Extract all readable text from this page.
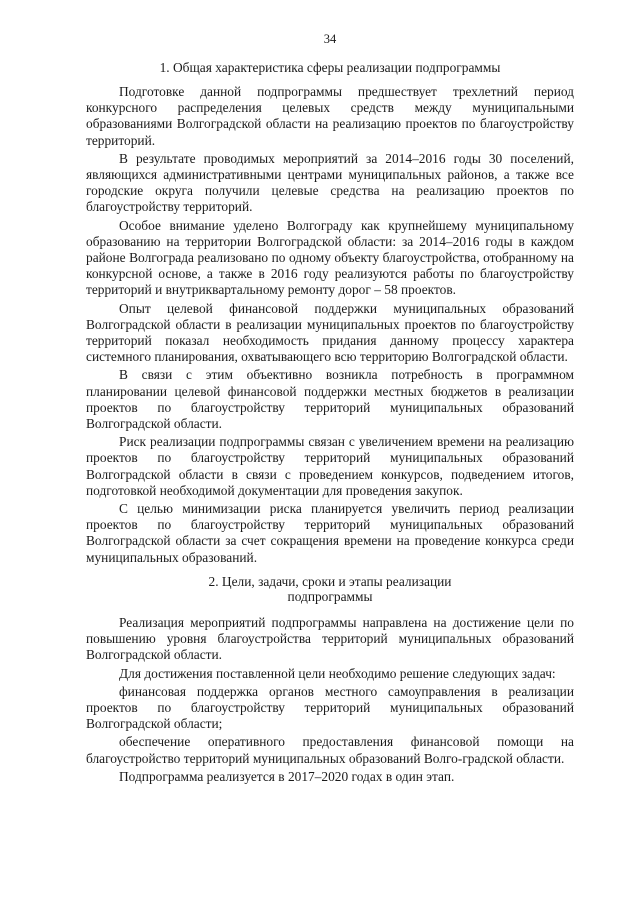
34
1. Общая характеристика сферы реализации подпрограммы

Подготовке данной подпрограммы предшествует трехлетний период конкурсного распределения целевых средств между муниципальными образованиями Волгоградской области на реализацию проектов по благоустройству территорий.

В результате проводимых мероприятий за 2014–2016 годы 30 поселений, являющихся административными центрами муниципальных районов, а также все городские округа получили целевые средства на реализацию проектов по благоустройству территорий.

Особое внимание уделено Волгограду как крупнейшему муниципальному образованию на территории Волгоградской области: за 2014–2016 годы в каждом районе Волгограда реализовано по одному объекту благоустройства, отобранному на конкурсной основе, а также в 2016 году реализуются работы по благоустройству территорий и внутриквартальному ремонту дорог – 58 проектов.

Опыт целевой финансовой поддержки муниципальных образований Волгоградской области в реализации муниципальных проектов по благоустройству территорий показал необходимость придания данному процессу характера системного планирования, охватывающего всю территорию Волгоградской области.

В связи с этим объективно возникла потребность в программном планировании целевой финансовой поддержки местных бюджетов в реализации проектов по благоустройству территорий муниципальных образований Волгоградской области.

Риск реализации подпрограммы связан с увеличением времени на реализацию проектов по благоустройству территорий муниципальных образований Волгоградской области в связи с проведением конкурсов, подведением итогов, подготовкой необходимой документации для проведения закупок.

С целью минимизации риска планируется увеличить период реализации проектов по благоустройству территорий муниципальных образований Волгоградской области за счет сокращения времени на проведение конкурса среди муниципальных образований.

2. Цели, задачи, сроки и этапы реализации
подпрограммы

Реализация мероприятий подпрограммы направлена на достижение цели по повышению уровня благоустройства территорий муниципальных образований Волгоградской области.

Для достижения поставленной цели необходимо решение следующих задач:

финансовая поддержка органов местного самоуправления в реализации проектов по благоустройству территорий муниципальных образований Волгоградской области;

обеспечение оперативного предоставления финансовой помощи на благоустройство территорий муниципальных образований Волго-градской области.

Подпрограмма реализуется в 2017–2020 годах в один этап.
